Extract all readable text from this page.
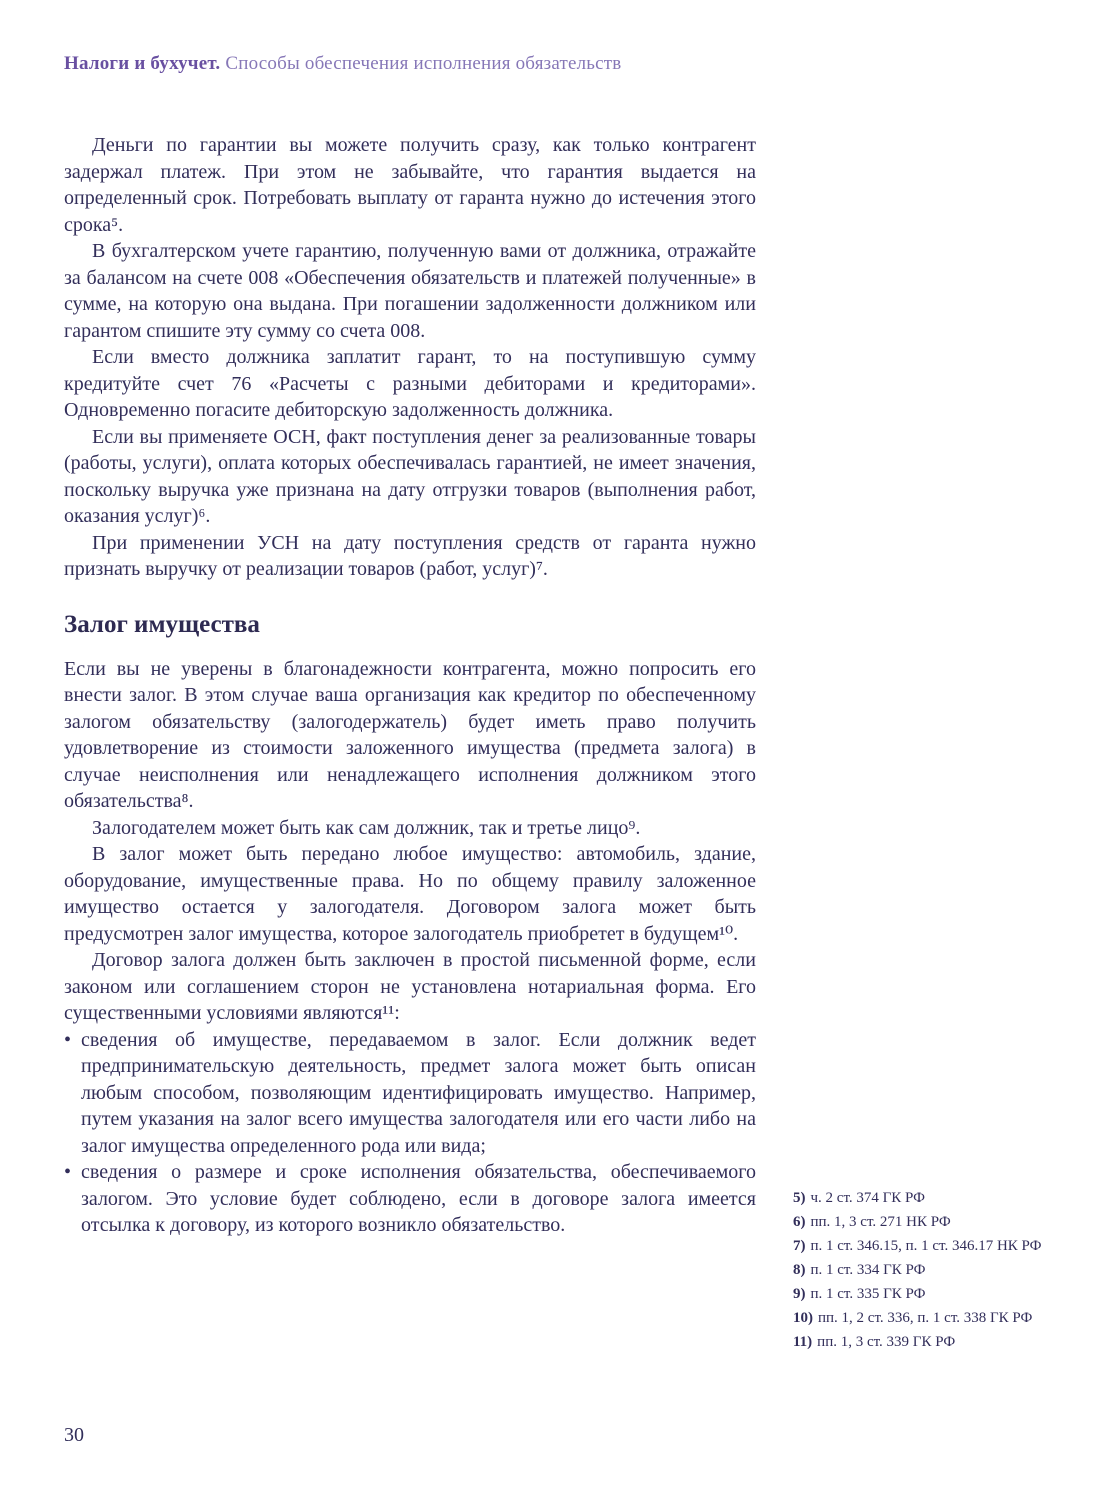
Налоги и бухучет. Способы обеспечения исполнения обязательств

Деньги по гарантии вы можете получить сразу, как только контрагент задержал платеж. При этом не забывайте, что гарантия выдается на определенный срок. Потребовать выплату от гаранта нужно до истечения этого срока⁵.

В бухгалтерском учете гарантию, полученную вами от должника, отражайте за балансом на счете 008 «Обеспечения обязательств и платежей полученные» в сумме, на которую она выдана. При погашении задолженности должником или гарантом спишите эту сумму со счета 008.

Если вместо должника заплатит гарант, то на поступившую сумму кредитуйте счет 76 «Расчеты с разными дебиторами и кредиторами». Одновременно погасите дебиторскую задолженность должника.

Если вы применяете ОСН, факт поступления денег за реализованные товары (работы, услуги), оплата которых обеспечивалась гарантией, не имеет значения, поскольку выручка уже признана на дату отгрузки товаров (выполнения работ, оказания услуг)⁶.

При применении УСН на дату поступления средств от гаранта нужно признать выручку от реализации товаров (работ, услуг)⁷.

Залог имущества

Если вы не уверены в благонадежности контрагента, можно попросить его внести залог. В этом случае ваша организация как кредитор по обеспеченному залогом обязательству (залогодержатель) будет иметь право получить удовлетворение из стоимости заложенного имущества (предмета залога) в случае неисполнения или ненадлежащего исполнения должником этого обязательства⁸.

Залогодателем может быть как сам должник, так и третье лицо⁹.

В залог может быть передано любое имущество: автомобиль, здание, оборудование, имущественные права. Но по общему правилу заложенное имущество остается у залогодателя. Договором залога может быть предусмотрен залог имущества, которое залогодатель приобретет в будущем¹⁰.

Договор залога должен быть заключен в простой письменной форме, если законом или соглашением сторон не установлена нотариальная форма. Его существенными условиями являются¹¹:

• сведения об имуществе, передаваемом в залог. Если должник ведет предпринимательскую деятельность, предмет залога может быть описан любым способом, позволяющим идентифицировать имущество. Например, путем указания на залог всего имущества залогодателя или его части либо на залог имущества определенного рода или вида;
• сведения о размере и сроке исполнения обязательства, обеспечиваемого залогом. Это условие будет соблюдено, если в договоре залога имеется отсылка к договору, из которого возникло обязательство.
5) ч. 2 ст. 374 ГК РФ
6) пп. 1, 3 ст. 271 НК РФ
7) п. 1 ст. 346.15, п. 1 ст. 346.17 НК РФ
8) п. 1 ст. 334 ГК РФ
9) п. 1 ст. 335 ГК РФ
10) пп. 1, 2 ст. 336, п. 1 ст. 338 ГК РФ
11) пп. 1, 3 ст. 339 ГК РФ
30
